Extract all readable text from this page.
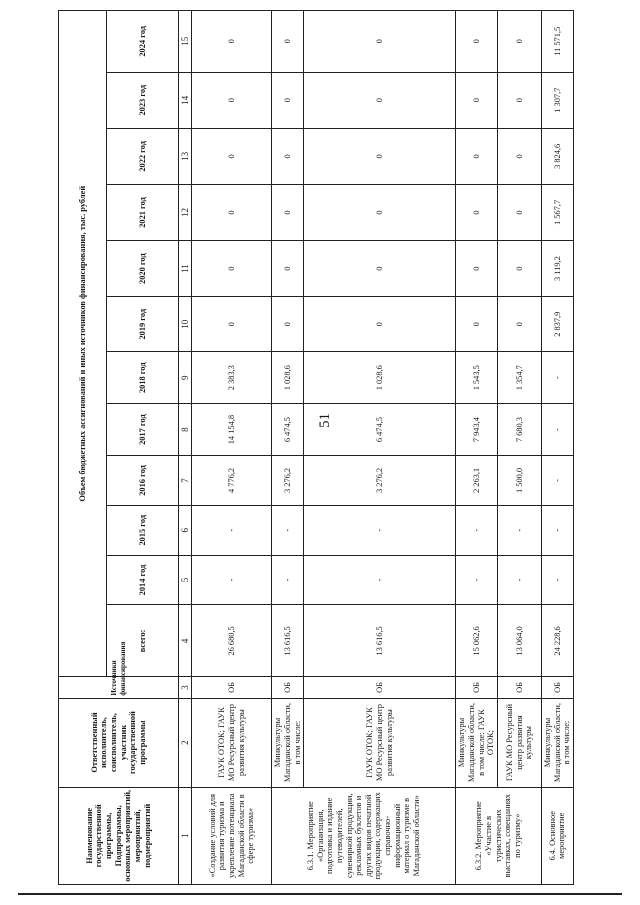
51
Наименование государственной программы, Подпрограммы, основных мероприятий, мероприятий, подмероприятий	Ответственный исполнитель, соисполнитель, участник государственной программы	Источники финансирования	Объем бюджетных ассигнований и иных источников финансирования, тыс. рублей											
			всего:	2014 год	2015 год	2016 год	2017 год	2018 год	2019 год	2020 год	2021 год	2022 год	2023 год	2024 год
1	2	3	4	5	6	7	8	9	10	11	12	13	14	15
«Создание условий для развития туризма и укрепление потенциала Магаданской области в сфере туризма»	ГАУК ОТОК; ГАУК МО Ресурсный центр развития культуры	ОБ	26 680,5	-	-	4 776,2	14 154,8	2 383,3	0	0	0	0	0	0
6.3.1. Мероприятие «Организация, подготовка и издание путеводителей, сувенирной продукции, рекламных буклетов и других видов печатной продукции, содержащих справочно-информационный материал о туризме в Магаданской области»	Минкультуры Магаданской области, в том числе:	ОБ	13 616,5	-	-	3 276,2	6 474,5	1 028,6	0	0	0	0	0	0
	ГАУК ОТОК; ГАУК МО Ресурсный центр развития культуры	ОБ	13 616,5	-	-	3 276,2	6 474,5	1 028,6	0	0	0	0	0	0
6.3.2. Мероприятие «Участие в туристических выставках, совещаниях по туризму»	Минкультуры Магаданской области, в том числе: ГАУК ОТОК;	ОБ	15 062,6	-	-	2 263,1	7 943,4	1 543,5	0	0	0	0	0	0
	ГАУК МО Ресурсный центр развития культуры	ОБ	13 064,0	-	-	1 500,0	7 680,3	1 354,7	0	0	0	0	0	0
6.4. Основное мероприятие	Минкультуры Магаданской области, в том числе:	ОБ	24 228,6	-	-	-	-	-	2 837,9	3 119,2	1 567,7	3 824,6	1 307,7	11 571,5
